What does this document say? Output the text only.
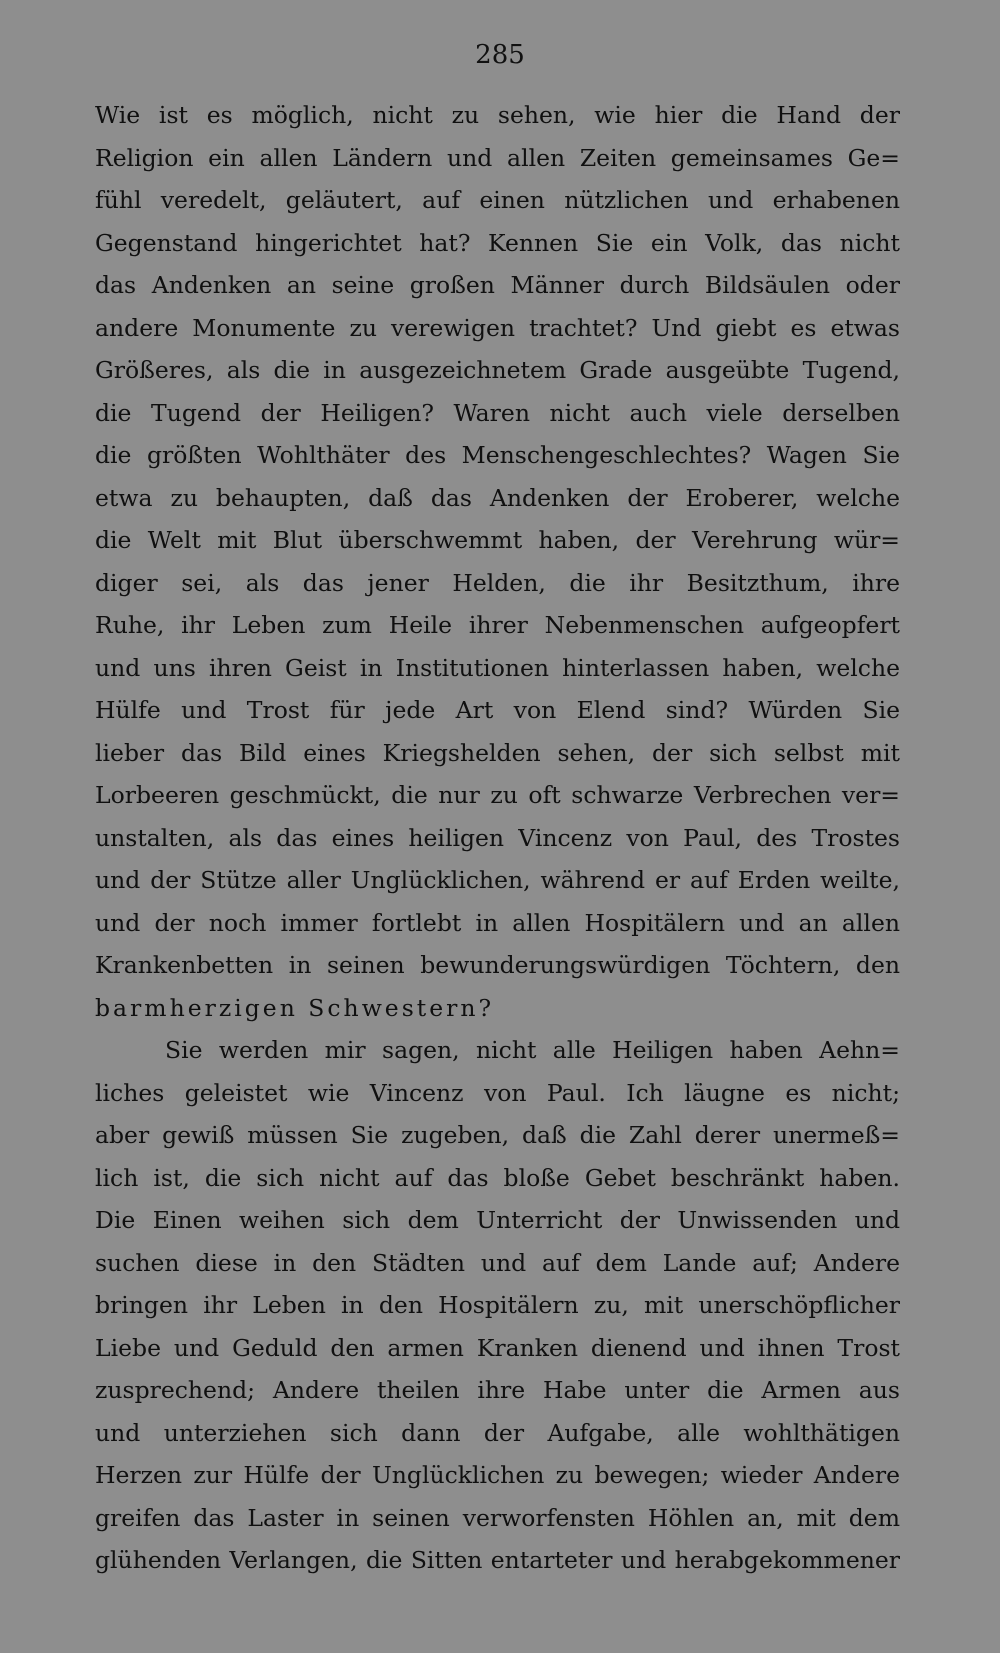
285
Wie ist es möglich, nicht zu sehen, wie hier die Hand der
Religion ein allen Ländern und allen Zeiten gemeinsames Ge=
fühl veredelt, geläutert, auf einen nützlichen und erhabenen
Gegenstand hingerichtet hat? Kennen Sie ein Volk, das nicht
das Andenken an seine großen Männer durch Bildsäulen oder
andere Monumente zu verewigen trachtet? Und giebt es etwas
Größeres, als die in ausgezeichnetem Grade ausgeübte Tugend,
die Tugend der Heiligen? Waren nicht auch viele derselben
die größten Wohlthäter des Menschengeschlechtes? Wagen Sie
etwa zu behaupten, daß das Andenken der Eroberer, welche
die Welt mit Blut überschwemmt haben, der Verehrung wür=
diger sei, als das jener Helden, die ihr Besitzthum, ihre
Ruhe, ihr Leben zum Heile ihrer Nebenmenschen aufgeopfert
und uns ihren Geist in Institutionen hinterlassen haben, welche
Hülfe und Trost für jede Art von Elend sind? Würden Sie
lieber das Bild eines Kriegshelden sehen, der sich selbst mit
Lorbeeren geschmückt, die nur zu oft schwarze Verbrechen ver=
unstalten, als das eines heiligen Vincenz von Paul, des Trostes
und der Stütze aller Unglücklichen, während er auf Erden weilte,
und der noch immer fortlebt in allen Hospitälern und an allen
Krankenbetten in seinen bewunderungswürdigen Töchtern, den
barmherzigen Schwestern?
Sie werden mir sagen, nicht alle Heiligen haben Aehn=
liches geleistet wie Vincenz von Paul. Ich läugne es nicht;
aber gewiß müssen Sie zugeben, daß die Zahl derer unermeß=
lich ist, die sich nicht auf das bloße Gebet beschränkt haben.
Die Einen weihen sich dem Unterricht der Unwissenden und
suchen diese in den Städten und auf dem Lande auf; Andere
bringen ihr Leben in den Hospitälern zu, mit unerschöpflicher
Liebe und Geduld den armen Kranken dienend und ihnen Trost
zusprechend; Andere theilen ihre Habe unter die Armen aus
und unterziehen sich dann der Aufgabe, alle wohlthätigen
Herzen zur Hülfe der Unglücklichen zu bewegen; wieder Andere
greifen das Laster in seinen verworfensten Höhlen an, mit dem
glühenden Verlangen, die Sitten entarteter und herabgekommener
